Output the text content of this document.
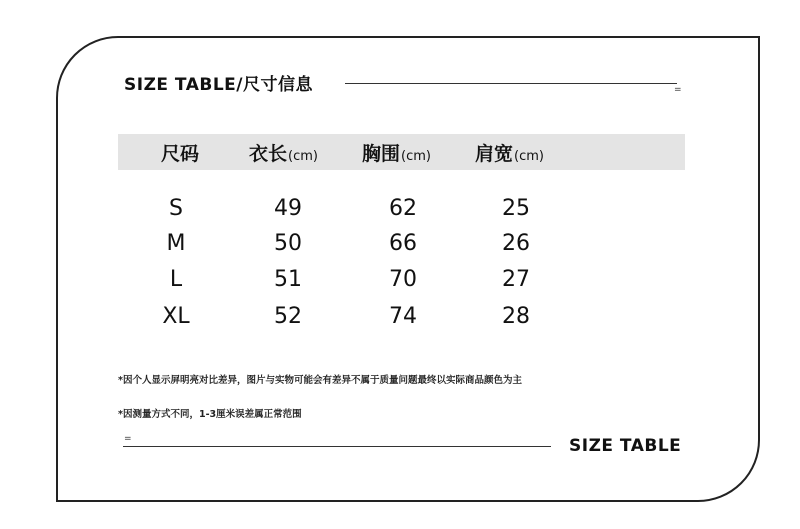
SIZE TABLE/尺寸信息	=
尺码	衣长(cm) 胸围(cm) 肩宽(cm)
S	49	62	25
M	50	66	26
L	51	70	27
XL	52	74	28
*因个人显示屏明亮对比差异，图片与实物可能会有差异不属于质量问题最终以实际商品颜色为主
*因测量方式不同，1-3厘米误差属正常范围
=	SIZE TABLE
